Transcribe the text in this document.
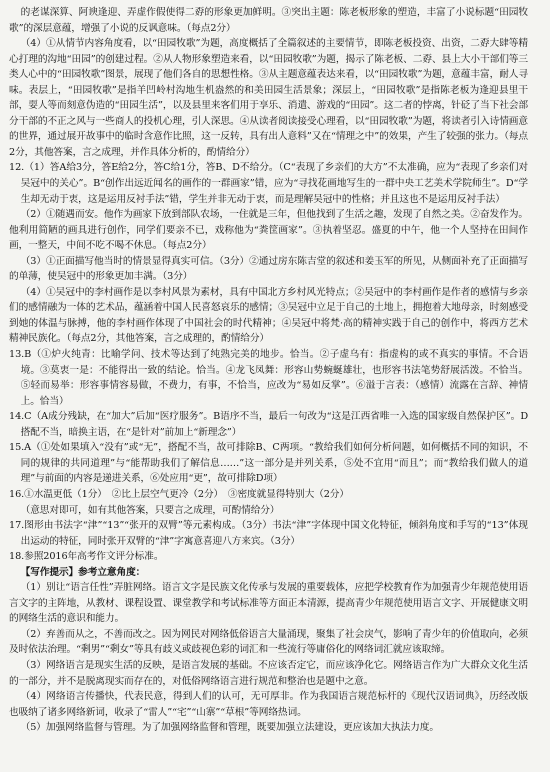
的老谋深算、阿谀逢迎、弄虚作假使得二孬的形象更加鲜明。③突出主题：陈老板形象的塑造，丰富了小说标题“田园牧歌”的深层意蕴，增强了小说的反讽意味。（每点2分）

（4）①从情节内容角度看，以“田园牧歌”为题，高度概括了全篇叙述的主要情节，即陈老板投资、出资，二孬大肆等精心打理的沟地“田园”的创建过程。②从人物形象塑造来看，以“田园牧歌”为题，揭示了陈老板、二孬、县上大小干部们等三类人心中的“田园牧歌”图景，展现了他们各自的思想性格。③从主题意蕴表达来看，以“田园牧歌”为题，意蕴丰富，耐人寻味。表层上，“田园牧歌”是指羊凹岭村沟地生机盎然的和美田园生活景象；深层上，“田园牧歌”是指陈老板为逢迎县里干部，耍人等而刻意伪造的“田园生活”，以及县里来客们用于享乐、消遣、游戏的“田园”。这二者的悖离，针砭了当下社会部分干部的不正之风与一些商人的投机心理，引人深思。④从读者阅读接受心理看，以“田园牧歌”为题，将读者引入诗情画意的世界，通过展开故事中的临时含意作比照，这一反转，具有出人意料”又在“情理之中”的效果，产生了较强的张力。（每点2分，其他答案，言之成理，并作具体分析的，酌情给分）

12.（1）答A给3分，答E给2分，答C给1分，答B、D不给分。（C“表现了乡亲们的大方”不太准确，应为“表现了乡亲们对吴冠中的关心”。B“创作出远近闻名的画作的一群画家”错，应为“寻找花画地写生的一群中央工艺美术学院师生”。D“学生却无动于衷，这是运用反衬手法”错，学生并非无动于衷，而是理解吴冠中的性格；并且这也不是运用反衬手法）

（2）①随遇而安。他作为画家下放到部队农场，一住就是三年，但他找到了生活之趣，发现了自然之美。②奋发作为。他利用简陋的画具进行创作，同学们要亲不已，戏称他为“粪筐画家”。③执着坚忍。盛夏的中午，他一个人坚持在田间作画，一整天，中间不吃不喝不休息。（每点2分）

（3）①正面描写他当时的情景显得真实可信。（3分）②通过房东陈吉堂的叙述和姜玉军的所见，从侧面补充了正面描写的单薄，使吴冠中的形象更加丰满。（3分）

（4）①吴冠中的李村画作是以李村风景为素材，具有中国北方乡村风光特点；②吴冠中的李村画作是作者的感情与乡亲们的感情融为一体的艺术品，蕴涵着中国人民喜怒哀乐的感情；③吴冠中立足于自己的土地上，拥抱着大地母亲，时刻感受到她的体温与脉搏，他的李村画作体现了中国社会的时代精神；④吴冠中将梵·高的精神实践于自己的创作中，将西方艺术精神民族化。（每点2分，其他答案，言之成理的，酌情给分）

13.B（①炉火纯青：比喻学问、技术等达到了纯熟完美的地步。恰当。②子虚乌有：指虚构的或不真实的事情。不合语境。③莫衷一是：不能得出一致的结论。恰当。④龙飞凤舞：形容山势蜿蜒雄壮，也形容书法笔势舒展活泼。不恰当。⑤轻而易举：形容事情容易做，不费力，有事，不恰当，应改为“易如反掌”。⑥溢于言表：（感情）流露在言辞、神情上。恰当）

14.C（A成分残缺，在“加大”后加“医疗服务”。B语序不当，最后一句改为“这是江西省唯一入选的国家级自然保护区”。D搭配不当，暗换主语，在“是针对”前加上“新理念”）

15.A（①处如果填入“没有”或“无”，搭配不当，故可排除B、C两项。“教给我们如何分析问题，如何概括不同的知识，不同的规律的共同道理”与“能帮助我们了解信息……”这一部分是并列关系，⑤处不宜用“而且”；而“教给我们做人的道理”与前面的内容是递进关系，⑥处应用“更”，故可排除D项）

16.①水温更低（1分）　②比上层空气更冷（2分）　③密度就显得特别大（2分）

（意思对即可，如有其他答案，只要言之成理，可酌情给分）

17.图形由书法字“津”“13”“张开的双臂”等元素构成。（3分）书法“津”字体现中国文化特征，倾斜角度和手写的“13”体现出运动的特征，同时张开双臂的“津”字寓意喜迎八方来宾。（3分）

18.参照2016年高考作文评分标准。

【写作提示】参考立意角度：

（1）别让“语言任性”弄脏网络。语言文字是民族文化传承与发展的重要载体，应把学校教育作为加强青少年规范使用语言文字的主阵地，从教材、课程设置、课堂教学和考试标准等方面正本清源，提高青少年规范使用语言文字、开展健康文明的网络生活的意识和能力。

（2）弃善而从之，不善而改之。因为网民对网络低俗语言大量涌现，聚集了社会戾气，影响了青少年的价值取向，必须及时依法治理。“剩男”“剩女”等具有歧义或歧视色彩的词汇和一些流行等庸俗化的网络词汇就应该取缔。

（3）网络语言是现实生活的反映，是语言发展的基础。不应该否定它，而应该净化它。网络语言作为广大群众文化生活的一部分，并不是脱离现实而存在的，对低俗网络语言进行规范和整治也是题中之意。

（4）网络语言传播快，代表民意，得到人们的认可，无可厚非。作为我国语言规范标杆的《现代汉语词典》，历经改版也吸纳了诸多网络新词，收录了“雷人”“宅”“山寨”“草根”等网络热词。

（5）加强网络监督与管理。为了加强网络监督和管理，既要加强立法建设，更应该加大执法力度。
